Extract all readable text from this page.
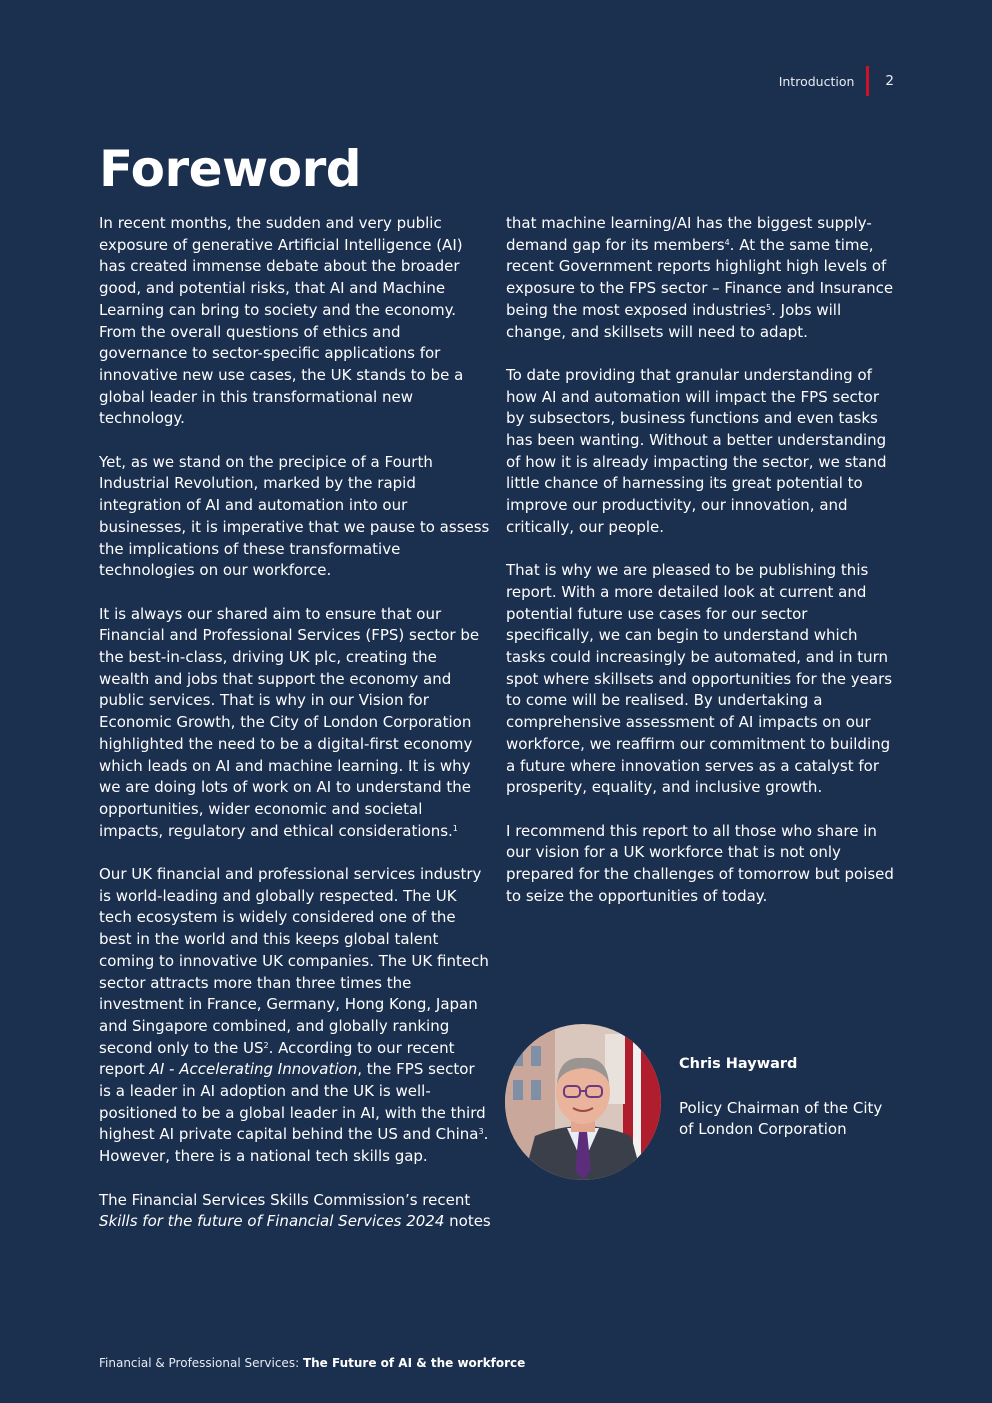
Introduction	2
Foreword

In recent months, the sudden and very public exposure of generative Artificial Intelligence (AI) has created immense debate about the broader good, and potential risks, that AI and Machine Learning can bring to society and the economy. From the overall questions of ethics and governance to sector-specific applications for innovative new use cases, the UK stands to be a global leader in this transformational new technology.

Yet, as we stand on the precipice of a Fourth Industrial Revolution, marked by the rapid integration of AI and automation into our businesses, it is imperative that we pause to assess the implications of these transformative technologies on our workforce.

It is always our shared aim to ensure that our Financial and Professional Services (FPS) sector be the best-in-class, driving UK plc, creating the wealth and jobs that support the economy and public services. That is why in our Vision for Economic Growth, the City of London Corporation highlighted the need to be a digital-first economy which leads on AI and machine learning. It is why we are doing lots of work on AI to understand the opportunities, wider economic and societal impacts, regulatory and ethical considerations.$^1$

Our UK financial and professional services industry is world-leading and globally respected. The UK tech ecosystem is widely considered one of the best in the world and this keeps global talent coming to innovative UK companies. The UK fintech sector attracts more than three times the investment in France, Germany, Hong Kong, Japan and Singapore combined, and globally ranking second only to the $US^2$. According to our recent report AI - Accelerating Innovation, the FPS sector is a leader in AI adoption and the UK is well-positioned to be a global leader in AI, with the third highest AI private capital behind the US and China$^3$. However, there is a national tech skills gap.

The Financial Services Skills Commission’s recent Skills for the future of Financial Services 2024 notes

that machine learning/AI has the biggest supply-demand gap for its members$^4$. At the same time, recent Government reports highlight high levels of exposure to the FPS sector – Finance and Insurance being the most exposed industries$^5$. Jobs will change, and skillsets will need to adapt.

To date providing that granular understanding of how AI and automation will impact the FPS sector by subsectors, business functions and even tasks has been wanting. Without a better understanding of how it is already impacting the sector, we stand little chance of harnessing its great potential to improve our productivity, our innovation, and critically, our people.

That is why we are pleased to be publishing this report. With a more detailed look at current and potential future use cases for our sector specifically, we can begin to understand which tasks could increasingly be automated, and in turn spot where skillsets and opportunities for the years to come will be realised. By undertaking a comprehensive assessment of AI impacts on our workforce, we reaffirm our commitment to building a future where innovation serves as a catalyst for prosperity, equality, and inclusive growth.

I recommend this report to all those who share in our vision for a UK workforce that is not only prepared for the challenges of tomorrow but poised to seize the opportunities of today.

Chris Hayward
Policy Chairman of the City of London Corporation
Financial & Professional Services: The Future of AI & the workforce
